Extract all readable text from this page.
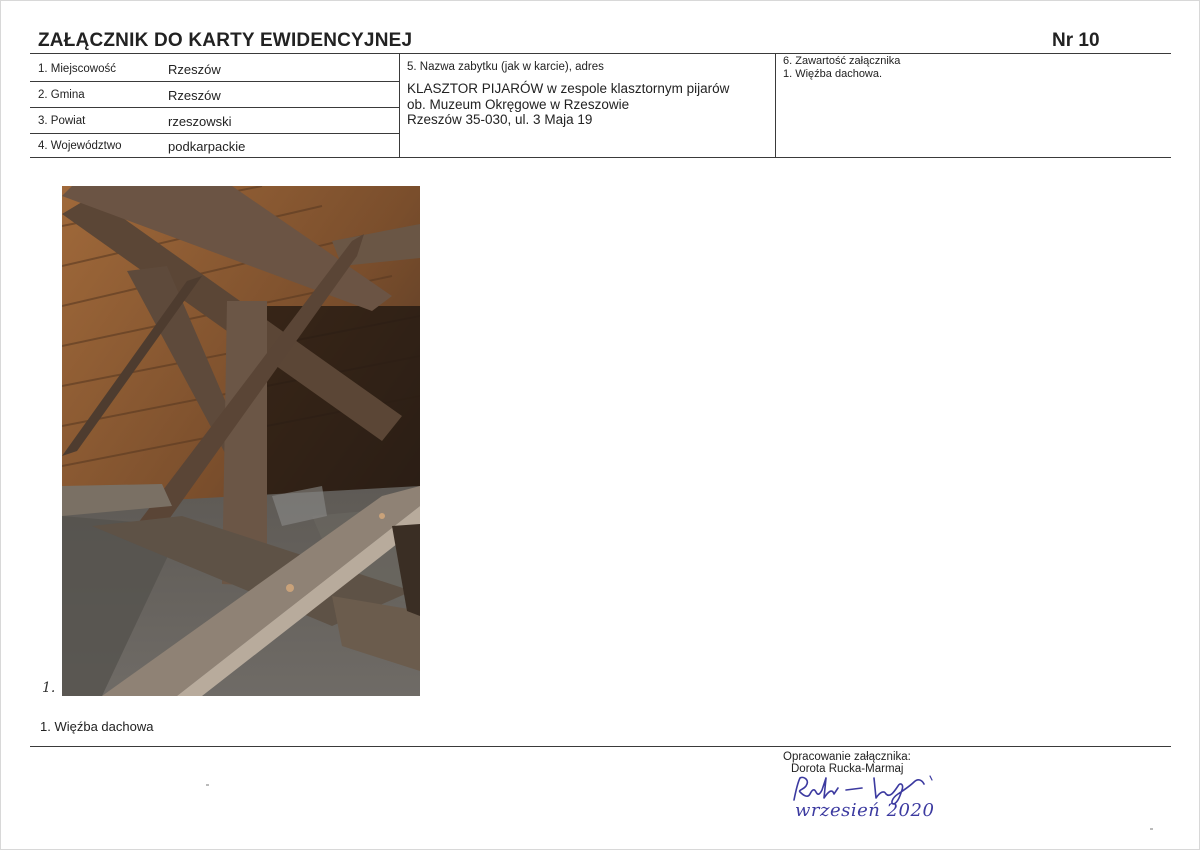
ZAŁĄCZNIK DO KARTY EWIDENCYJNEJ	Nr 10
1. Miejscowość	Rzeszów
2. Gmina	Rzeszów
3. Powiat	rzeszowski
4. Województwo	podkarpackie
5. Nazwa zabytku (jak w karcie), adres
KLASZTOR PIJARÓW w zespole klasztornym pijarów
ob. Muzeum Okręgowe w Rzeszowie
Rzeszów 35-030, ul. 3 Maja 19
6. Zawartość załącznika
1. Więźba dachowa.
1.
1. Więźba dachowa
Opracowanie załącznika:
Dorota Rucka-Marmaj
wrzesień 2020
